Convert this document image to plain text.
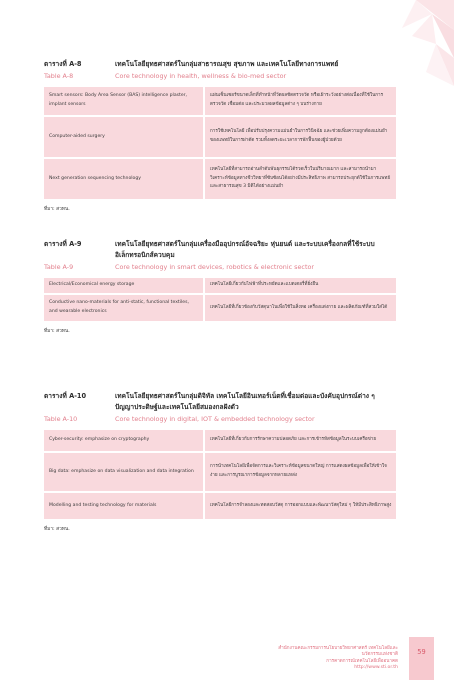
ตารางที่ A-8	เทคโนโลยียุทธศาสตร์ในกลุ่มสาธารณสุข สุขภาพ และเทคโนโลยีทางการแพทย์
Table A-8	Core technology in health, wellness & bio-med sector
Smart sensors: Body Area Sensor (BAS) intelligence plaster, implant sensors	แผ่นเซ็นเซอร์ขนาดเล็กที่ทำหน้าที่วัดผลชัดตรวจวัด หรือเฝ้าระวังอย่างต่อเนื่องที่ใช้ในการตรวจวัด เชื่อมต่อ และประมวลผลข้อมูลต่าง ๆ บนร่างกาย
Computer-aided surgery	การใช้เทคโนโลยี เพื่อปรับปรุงความแม่นยำในการวินิจฉัย และช่วยเพิ่มความถูกต้องแม่นยำของแพทย์ในการผ่าตัด รวมทั้งลดระยะเวลาการพักฟื้นของผู้ป่วยด้วย
Next generation sequencing technology	เทคโนโลยีที่สามารถอ่านลำดับพันธุกรรมได้รวดเร็วในปริมาณมาก และสามารถนำมาวิเคราะห์ข้อมูลทางชีววิทยาที่ซับซ้อนได้อย่างมีประสิทธิภาพ สามารถประยุกต์ใช้ในการแพทย์และสาธารณสุข 3 มิติได้อย่างแม่นยำ
ที่มา: สวทน.
ตารางที่ A-9	เทคโนโลยียุทธศาสตร์ในกลุ่มเครื่องมืออุปกรณ์อัจฉริยะ หุ่นยนต์ และระบบเครื่องกลที่ใช้ระบบอิเล็กทรอนิกส์ควบคุม
Table A-9	Core technology in smart devices, robotics & electronic sector
Electrical/Economical energy storage	เทคโนโลยีเกี่ยวกับไฟฟ้าที่ประหยัดและแบตเตอรี่ที่ยั่งยืน
Conductive nano-materials for anti-static, functional textiles, and wearable electronics	เทคโนโลยีที่เกี่ยวข้องกับวัสดุนาโนเพื่อใช้ในสิ่งทอ เครื่องแต่งกาย และผลิตภัณฑ์ที่สวมใส่ได้
ที่มา: สวทน.
ตารางที่ A-10	เทคโนโลยียุทธศาสตร์ในกลุ่มดิจิทัล เทคโนโลยีอินเทอร์เน็ตที่เชื่อมต่อและบังคับอุปกรณ์ต่าง ๆ ปัญญาประดิษฐ์และเทคโนโลยีสมองกลฝังตัว
Table A-10	Core technology in digital, IOT & embedded technology sector
Cyber-security: emphasize on cryptography	เทคโนโลยีที่เกี่ยวกับการรักษาความปลอดภัย และการเข้ารหัสข้อมูลในระบบเครือข่าย
Big data: emphasize on data visualization and data integration	การนำเทคโนโลยีเพื่อจัดการและวิเคราะห์ข้อมูลขนาดใหญ่ การแสดงผลข้อมูลเพื่อให้เข้าใจง่าย และการบูรณาการข้อมูลจากหลายแหล่ง
Modelling and testing technology for materials	เทคโนโลยีการจำลองและทดสอบวัสดุ การออกแบบและพัฒนาวัสดุใหม่ ๆ ให้มีประสิทธิภาพสูง
ที่มา: สวทน.
สำนักงานคณะกรรมการนโยบายวิทยาศาสตร์ เทคโนโลยีและนวัตกรรมแห่งชาติ
การคาดการณ์เทคโนโลยีเพื่ออนาคต
http://www.sti.or.th
59
